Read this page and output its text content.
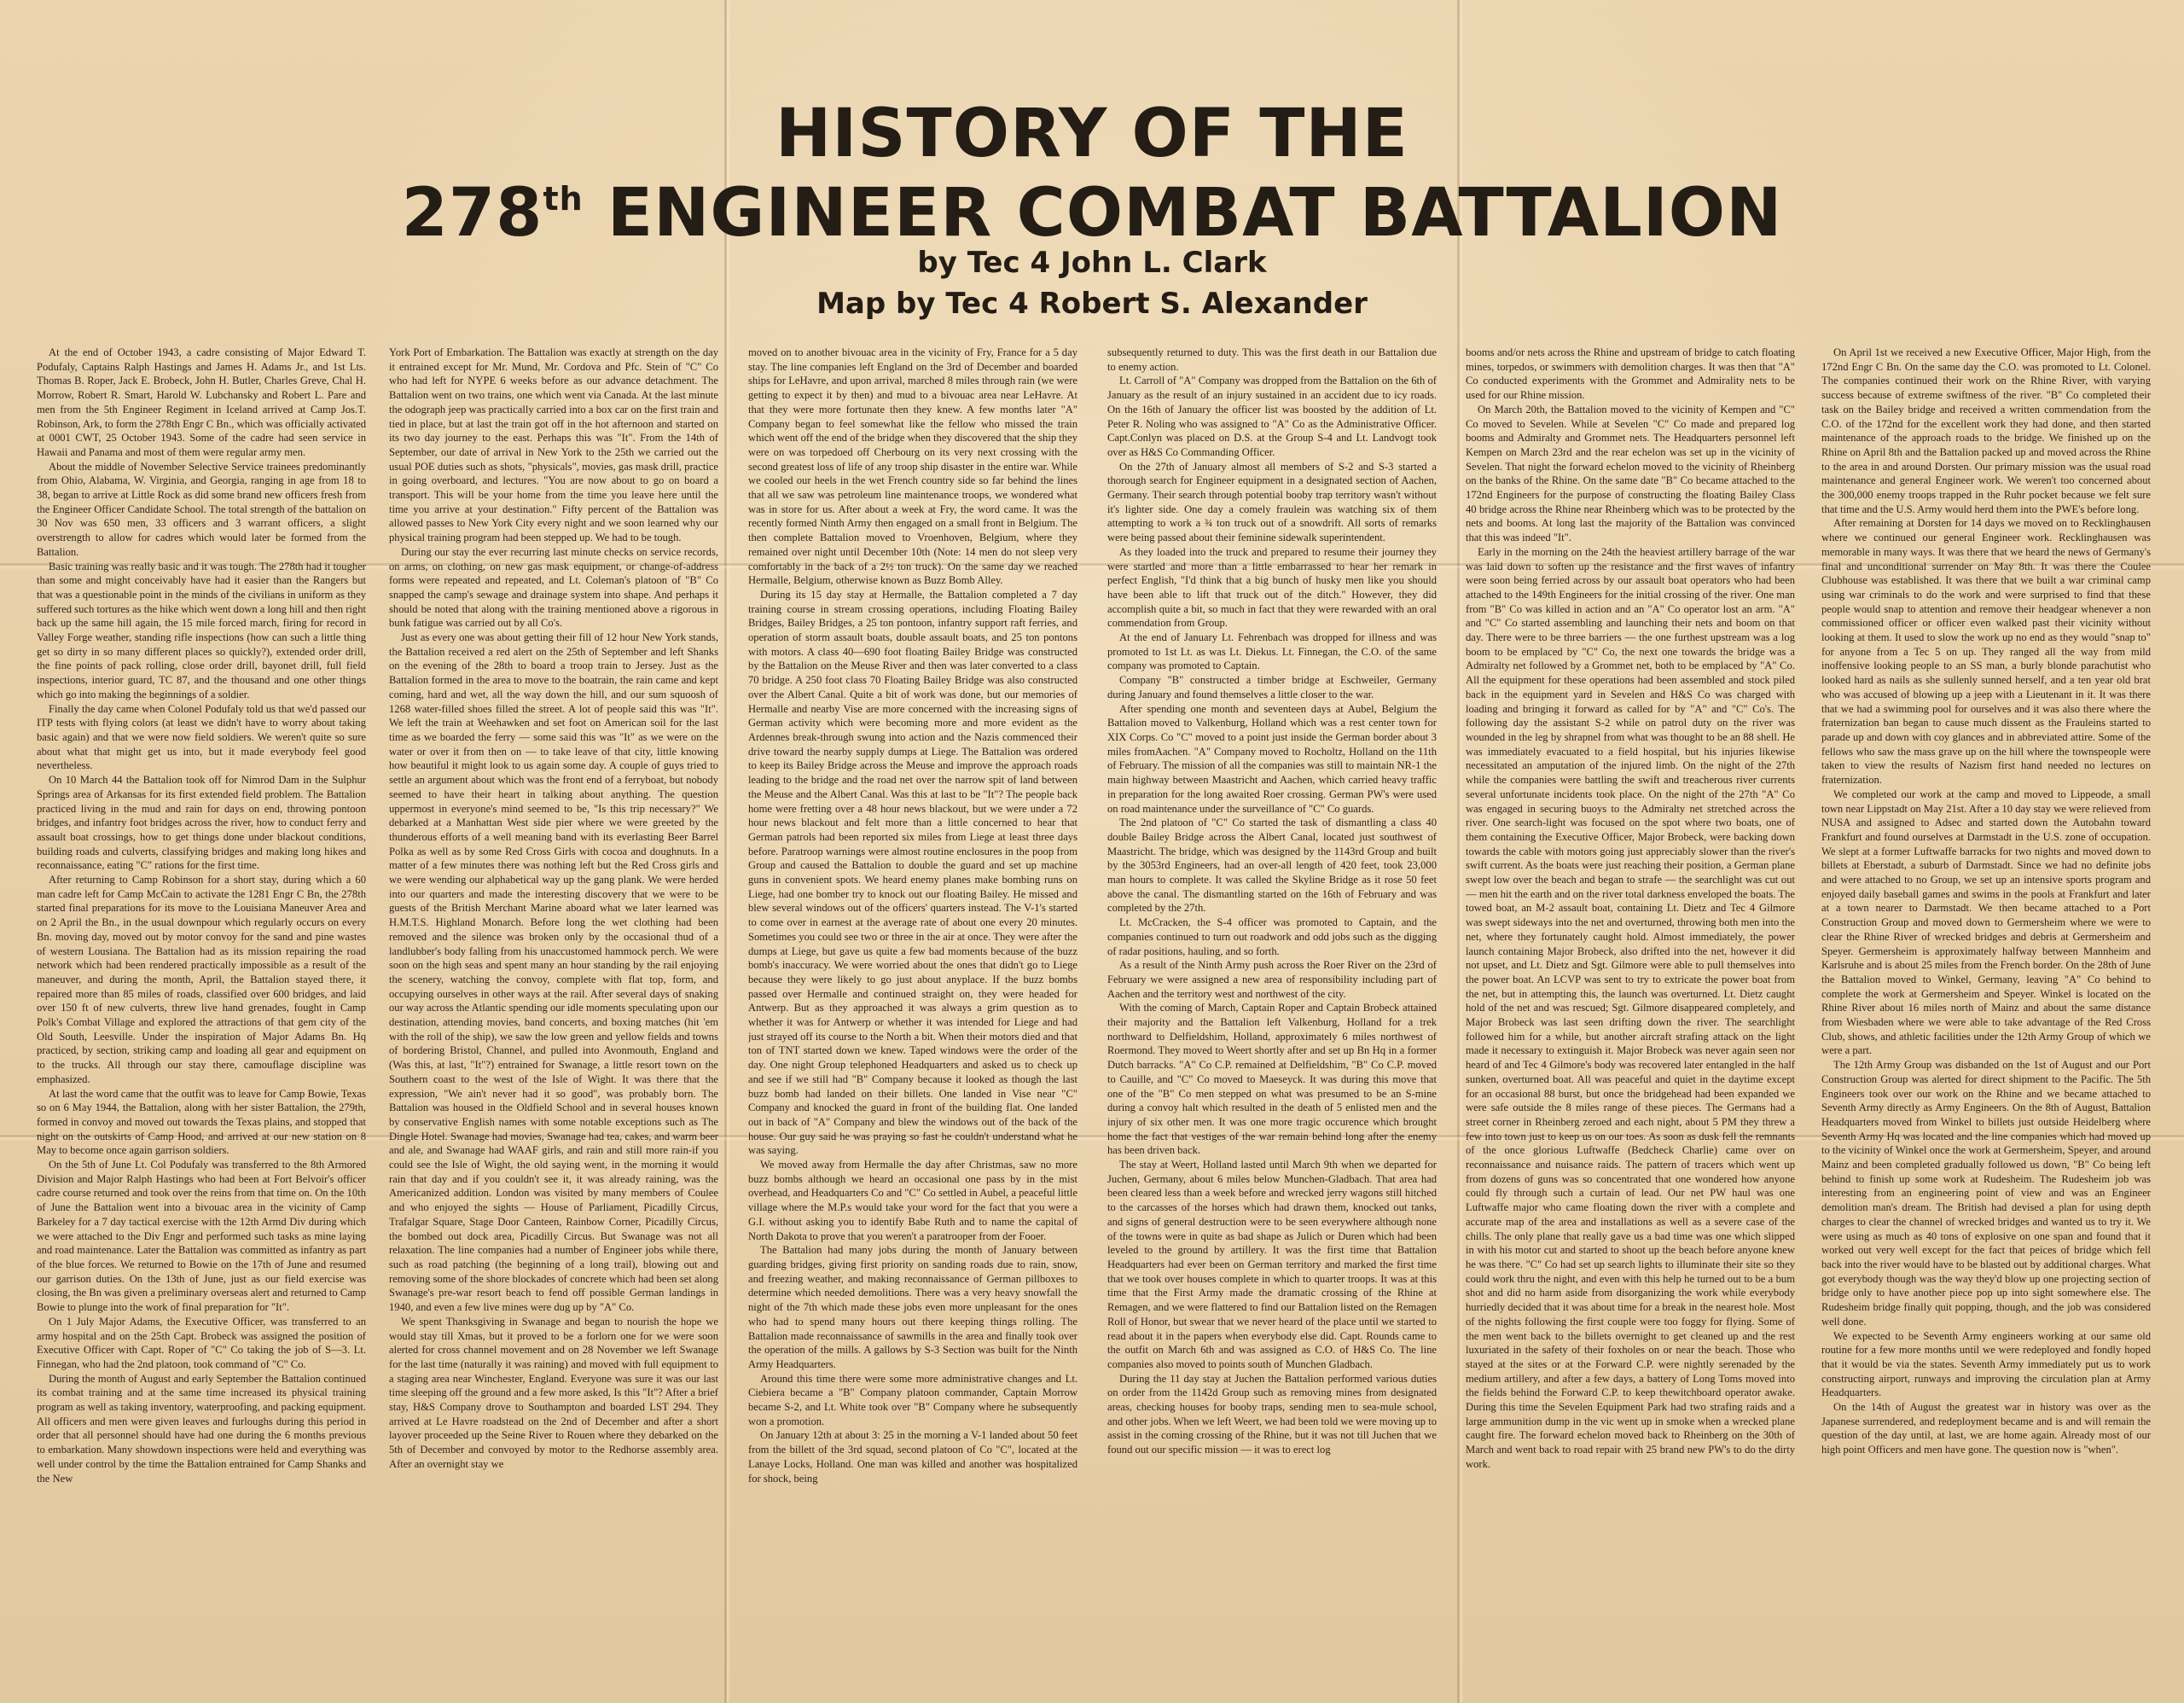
HISTORY OF THE
278th ENGINEER COMBAT BATTALION

by Tec 4 John L. Clark

Map by Tec 4 Robert S. Alexander

At the end of October 1943, a cadre consisting of Major Edward T. Podufaly, Captains Ralph Hastings and James H. Adams Jr., and 1st Lts. Thomas B. Roper, Jack E. Brobeck, John H. Butler, Charles Greve, Chal H. Morrow, Robert R. Smart, Harold W. Lubchansky and Robert L. Pare and men from the 5th Engineer Regiment in Iceland arrived at Camp Jos.T. Robinson, Ark, to form the 278th Engr C Bn., which was officially activated at 0001 CWT, 25 October 1943. Some of the cadre had seen service in Hawaii and Panama and most of them were regular army men.

About the middle of November Selective Service trainees predominantly from Ohio, Alabama, W. Virginia, and Georgia, ranging in age from 18 to 38, began to arrive at Little Rock as did some brand new officers fresh from the Engineer Officer Candidate School. The total strength of the battalion on 30 Nov was 650 men, 33 officers and 3 warrant officers, a slight overstrength to allow for cadres which would later be formed from the Battalion.

Basic training was really basic and it was tough. The 278th had it tougher than some and might conceivably have had it easier than the Rangers but that was a questionable point in the minds of the civilians in uniform as they suffered such tortures as the hike which went down a long hill and then right back up the same hill again, the 15 mile forced march, firing for record in Valley Forge weather, standing rifle inspections (how can such a little thing get so dirty in so many different places so quickly?), extended order drill, the fine points of pack rolling, close order drill, bayonet drill, full field inspections, interior guard, TC 87, and the thousand and one other things which go into making the beginnings of a soldier.

Finally the day came when Colonel Podufaly told us that we'd passed our ITP tests with flying colors (at least we didn't have to worry about taking basic again) and that we were now field soldiers. We weren't quite so sure about what that might get us into, but it made everybody feel good nevertheless.

On 10 March 44 the Battalion took off for Nimrod Dam in the Sulphur Springs area of Arkansas for its first extended field problem. The Battalion practiced living in the mud and rain for days on end, throwing pontoon bridges, and infantry foot bridges across the river, how to conduct ferry and assault boat crossings, how to get things done under blackout conditions, building roads and culverts, classifying bridges and making long hikes and reconnaissance, eating "C" rations for the first time.

After returning to Camp Robinson for a short stay, during which a 60 man cadre left for Camp McCain to activate the 1281 Engr C Bn, the 278th started final preparations for its move to the Louisiana Maneuver Area and on 2 April the Bn., in the usual downpour which regularly occurs on every Bn. moving day, moved out by motor convoy for the sand and pine wastes of western Lousiana. The Battalion had as its mission repairing the road network which had been rendered practically impossible as a result of the maneuver, and during the month, April, the Battalion stayed there, it repaired more than 85 miles of roads, classified over 600 bridges, and laid over 150 ft of new culverts, threw live hand grenades, fought in Camp Polk's Combat Village and explored the attractions of that gem city of the Old South, Leesville. Under the inspiration of Major Adams Bn. Hq practiced, by section, striking camp and loading all gear and equipment on to the trucks. All through our stay there, camouflage discipline was emphasized.

At last the word came that the outfit was to leave for Camp Bowie, Texas so on 6 May 1944, the Battalion, along with her sister Battalion, the 279th, formed in convoy and moved out towards the Texas plains, and stopped that night on the outskirts of Camp Hood, and arrived at our new station on 8 May to become once again garrison soldiers.

On the 5th of June Lt. Col Podufaly was transferred to the 8th Armored Division and Major Ralph Hastings who had been at Fort Belvoir's officer cadre course returned and took over the reins from that time on. On the 10th of June the Battalion went into a bivouac area in the vicinity of Camp Barkeley for a 7 day tactical exercise with the 12th Armd Div during which we were attached to the Div Engr and performed such tasks as mine laying and road maintenance. Later the Battalion was committed as infantry as part of the blue forces. We returned to Bowie on the 17th of June and resumed our garrison duties. On the 13th of June, just as our field exercise was closing, the Bn was given a preliminary overseas alert and returned to Camp Bowie to plunge into the work of final preparation for "It".

On 1 July Major Adams, the Executive Officer, was transferred to an army hospital and on the 25th Capt. Brobeck was assigned the position of Executive Officer with Capt. Roper of "C" Co taking the job of S—3. Lt. Finnegan, who had the 2nd platoon, took command of "C" Co.

During the month of August and early September the Battalion continued its combat training and at the same time increased its physical training program as well as taking inventory, waterproofing, and packing equipment. All officers and men were given leaves and furloughs during this period in order that all personnel should have had one during the 6 months previous to embarkation. Many showdown inspections were held and everything was well under control by the time the Battalion entrained for Camp Shanks and the New

York Port of Embarkation. The Battalion was exactly at strength on the day it entrained except for Mr. Mund, Mr. Cordova and Pfc. Stein of "C" Co who had left for NYPE 6 weeks before as our advance detachment. The Battalion went on two trains, one which went via Canada. At the last minute the odograph jeep was practically carried into a box car on the first train and tied in place, but at last the train got off in the hot afternoon and started on its two day journey to the east. Perhaps this was "It". From the 14th of September, our date of arrival in New York to the 25th we carried out the usual POE duties such as shots, "physicals", movies, gas mask drill, practice in going overboard, and lectures. "You are now about to go on board a transport. This will be your home from the time you leave here until the time you arrive at your destination." Fifty percent of the Battalion was allowed passes to New York City every night and we soon learned why our physical training program had been stepped up. We had to be tough.

During our stay the ever recurring last minute checks on service records, on arms, on clothing, on new gas mask equipment, or change-of-address forms were repeated and repeated, and Lt. Coleman's platoon of "B" Co snapped the camp's sewage and drainage system into shape. And perhaps it should be noted that along with the training mentioned above a rigorous in bunk fatigue was carried out by all Co's.

Just as every one was about getting their fill of 12 hour New York stands, the Battalion received a red alert on the 25th of September and left Shanks on the evening of the 28th to board a troop train to Jersey. Just as the Battalion formed in the area to move to the boatrain, the rain came and kept coming, hard and wet, all the way down the hill, and our sum squoosh of 1268 water-filled shoes filled the street. A lot of people said this was "It". We left the train at Weehawken and set foot on American soil for the last time as we boarded the ferry — some said this was "It" as we were on the water or over it from then on — to take leave of that city, little knowing how beautiful it might look to us again some day. A couple of guys tried to settle an argument about which was the front end of a ferryboat, but nobody seemed to have their heart in talking about anything. The question uppermost in everyone's mind seemed to be, "Is this trip necessary?" We debarked at a Manhattan West side pier where we were greeted by the thunderous efforts of a well meaning band with its everlasting Beer Barrel Polka as well as by some Red Cross Girls with cocoa and doughnuts. In a matter of a few minutes there was nothing left but the Red Cross girls and we were wending our alphabetical way up the gang plank. We were herded into our quarters and made the interesting discovery that we were to be guests of the British Merchant Marine aboard what we later learned was H.M.T.S. Highland Monarch. Before long the wet clothing had been removed and the silence was broken only by the occasional thud of a landlubber's body falling from his unaccustomed hammock perch. We were soon on the high seas and spent many an hour standing by the rail enjoying the scenery, watching the convoy, complete with flat top, form, and occupying ourselves in other ways at the rail. After several days of snaking our way across the Atlantic spending our idle moments speculating upon our destination, attending movies, band concerts, and boxing matches (hit 'em with the roll of the ship), we saw the low green and yellow fields and towns of bordering Bristol, Channel, and pulled into Avonmouth, England and (Was this, at last, "It"?) entrained for Swanage, a little resort town on the Southern coast to the west of the Isle of Wight. It was there that the expression, "We ain't never had it so good", was probably born. The Battalion was housed in the Oldfield School and in several houses known by conservative English names with some notable exceptions such as The Dingle Hotel. Swanage had movies, Swanage had tea, cakes, and warm beer and ale, and Swanage had WAAF girls, and rain and still more rain-if you could see the Isle of Wight, the old saying went, in the morning it would rain that day and if you couldn't see it, it was already raining, was the Americanized addition. London was visited by many members of Coulee and who enjoyed the sights — House of Parliament, Picadilly Circus, Trafalgar Square, Stage Door Canteen, Rainbow Corner, Picadilly Circus, the bombed out dock area, Picadilly Circus. But Swanage was not all relaxation. The line companies had a number of Engineer jobs while there, such as road patching (the beginning of a long trail), blowing out and removing some of the shore blockades of concrete which had been set along Swanage's pre-war resort beach to fend off possible German landings in 1940, and even a few live mines were dug up by "A" Co.

We spent Thanksgiving in Swanage and began to nourish the hope we would stay till Xmas, but it proved to be a forlorn one for we were soon alerted for cross channel movement and on 28 November we left Swanage for the last time (naturally it was raining) and moved with full equipment to a staging area near Winchester, England. Everyone was sure it was our last time sleeping off the ground and a few more asked, Is this "It"? After a brief stay, H&S Company drove to Southampton and boarded LST 294. They arrived at Le Havre roadstead on the 2nd of December and after a short layover proceeded up the Seine River to Rouen where they debarked on the 5th of December and convoyed by motor to the Redhorse assembly area. After an overnight stay we

moved on to another bivouac area in the vicinity of Fry, France for a 5 day stay. The line companies left England on the 3rd of December and boarded ships for LeHavre, and upon arrival, marched 8 miles through rain (we were getting to expect it by then) and mud to a bivouac area near LeHavre. At that they were more fortunate then they knew. A few months later "A" Company began to feel somewhat like the fellow who missed the train which went off the end of the bridge when they discovered that the ship they were on was torpedoed off Cherbourg on its very next crossing with the second greatest loss of life of any troop ship disaster in the entire war. While we cooled our heels in the wet French country side so far behind the lines that all we saw was petroleum line maintenance troops, we wondered what was in store for us. After about a week at Fry, the word came. It was the recently formed Ninth Army then engaged on a small front in Belgium. The then complete Battalion moved to Vroenhoven, Belgium, where they remained over night until December 10th (Note: 14 men do not sleep very comfortably in the back of a 2½ ton truck). On the same day we reached Hermalle, Belgium, otherwise known as Buzz Bomb Alley.

During its 15 day stay at Hermalle, the Battalion completed a 7 day training course in stream crossing operations, including Floating Bailey Bridges, Bailey Bridges, a 25 ton pontoon, infantry support raft ferries, and operation of storm assault boats, double assault boats, and 25 ton pontons with motors. A class 40—690 foot floating Bailey Bridge was constructed by the Battalion on the Meuse River and then was later converted to a class 70 bridge. A 250 foot class 70 Floating Bailey Bridge was also constructed over the Albert Canal. Quite a bit of work was done, but our memories of Hermalle and nearby Vise are more concerned with the increasing signs of German activity which were becoming more and more evident as the Ardennes break-through swung into action and the Nazis commenced their drive toward the nearby supply dumps at Liege. The Battalion was ordered to keep its Bailey Bridge across the Meuse and improve the approach roads leading to the bridge and the road net over the narrow spit of land between the Meuse and the Albert Canal. Was this at last to be "It"? The people back home were fretting over a 48 hour news blackout, but we were under a 72 hour news blackout and felt more than a little concerned to hear that German patrols had been reported six miles from Liege at least three days before. Paratroop warnings were almost routine enclosures in the poop from Group and caused the Battalion to double the guard and set up machine guns in convenient spots. We heard enemy planes make bombing runs on Liege, had one bomber try to knock out our floating Bailey. He missed and blew several windows out of the officers' quarters instead. The V-1's started to come over in earnest at the average rate of about one every 20 minutes. Sometimes you could see two or three in the air at once. They were after the dumps at Liege, but gave us quite a few bad moments because of the buzz bomb's inaccuracy. We were worried about the ones that didn't go to Liege because they were likely to go just about anyplace. If the buzz bombs passed over Hermalle and continued straight on, they were headed for Antwerp. But as they approached it was always a grim question as to whether it was for Antwerp or whether it was intended for Liege and had just strayed off its course to the North a bit. When their motors died and that ton of TNT started down we knew. Taped windows were the order of the day. One night Group telephoned Headquarters and asked us to check up and see if we still had "B" Company because it looked as though the last buzz bomb had landed on their billets. One landed in Vise near "C" Company and knocked the guard in front of the building flat. One landed out in back of "A" Company and blew the windows out of the back of the house. Our guy said he was praying so fast he couldn't understand what he was saying.

We moved away from Hermalle the day after Christmas, saw no more buzz bombs although we heard an occasional one pass by in the mist overhead, and Headquarters Co and "C" Co settled in Aubel, a peaceful little village where the M.P.s would take your word for the fact that you were a G.I. without asking you to identify Babe Ruth and to name the capital of North Dakota to prove that you weren't a paratrooper from der Fooer.

The Battalion had many jobs during the month of January between guarding bridges, giving first priority on sanding roads due to rain, snow, and freezing weather, and making reconnaissance of German pillboxes to determine which needed demolitions. There was a very heavy snowfall the night of the 7th which made these jobs even more unpleasant for the ones who had to spend many hours out there keeping things rolling. The Battalion made reconnaissance of sawmills in the area and finally took over the operation of the mills. A gallows by S-3 Section was built for the Ninth Army Headquarters.

Around this time there were some more administrative changes and Lt. Ciebiera became a "B" Company platoon commander, Captain Morrow became S-2, and Lt. White took over "B" Company where he subsequently won a promotion.

On January 12th at about 3: 25 in the morning a V-1 landed about 50 feet from the billett of the 3rd squad, second platoon of Co "C", located at the Lanaye Locks, Holland. One man was killed and another was hospitalized for shock, being

subsequently returned to duty. This was the first death in our Battalion due to enemy action.

Lt. Carroll of "A" Company was dropped from the Battalion on the 6th of January as the result of an injury sustained in an accident due to icy roads. On the 16th of January the officer list was boosted by the addition of Lt. Peter R. Noling who was assigned to "A" Co as the Administrative Officer. Capt.Conlyn was placed on D.S. at the Group S-4 and Lt. Landvogt took over as H&S Co Commanding Officer.

On the 27th of January almost all members of S-2 and S-3 started a thorough search for Engineer equipment in a designated section of Aachen, Germany. Their search through potential booby trap territory wasn't without it's lighter side. One day a comely fraulein was watching six of them attempting to work a ¾ ton truck out of a snowdrift. All sorts of remarks were being passed about their feminine sidewalk superintendent.

As they loaded into the truck and prepared to resume their journey they were startled and more than a little embarrassed to hear her remark in perfect English, "I'd think that a big bunch of husky men like you should have been able to lift that truck out of the ditch." However, they did accomplish quite a bit, so much in fact that they were rewarded with an oral commendation from Group.

At the end of January Lt. Fehrenbach was dropped for illness and was promoted to 1st Lt. as was Lt. Diekus. Lt. Finnegan, the C.O. of the same company was promoted to Captain.

Company "B" constructed a timber bridge at Eschweiler, Germany during January and found themselves a little closer to the war.

After spending one month and seventeen days at Aubel, Belgium the Battalion moved to Valkenburg, Holland which was a rest center town for XIX Corps. Co "C" moved to a point just inside the German border about 3 miles fromAachen. "A" Company moved to Rocholtz, Holland on the 11th of February. The mission of all the companies was still to maintain NR-1 the main highway between Maastricht and Aachen, which carried heavy traffic in preparation for the long awaited Roer crossing. German PW's were used on road maintenance under the surveillance of "C" Co guards.

The 2nd platoon of "C" Co started the task of dismantling a class 40 double Bailey Bridge across the Albert Canal, located just southwest of Maastricht. The bridge, which was designed by the 1143rd Group and built by the 3053rd Engineers, had an over-all length of 420 feet, took 23,000 man hours to complete. It was called the Skyline Bridge as it rose 50 feet above the canal. The dismantling started on the 16th of February and was completed by the 27th.

Lt. McCracken, the S-4 officer was promoted to Captain, and the companies continued to turn out roadwork and odd jobs such as the digging of radar positions, hauling, and so forth.

As a result of the Ninth Army push across the Roer River on the 23rd of February we were assigned a new area of responsibility including part of Aachen and the territory west and northwest of the city.

With the coming of March, Captain Roper and Captain Brobeck attained their majority and the Battalion left Valkenburg, Holland for a trek northward to Delfieldshim, Holland, approximately 6 miles northwest of Roermond. They moved to Weert shortly after and set up Bn Hq in a former Dutch barracks. "A" Co C.P. remained at Delfieldshim, "B" Co C.P. moved to Cauille, and "C" Co moved to Maeseyck. It was during this move that one of the "B" Co men stepped on what was presumed to be an S-mine during a convoy halt which resulted in the death of 5 enlisted men and the injury of six other men. It was one more tragic occurence which brought home the fact that vestiges of the war remain behind long after the enemy has been driven back.

The stay at Weert, Holland lasted until March 9th when we departed for Juchen, Germany, about 6 miles below Munchen-Gladbach. That area had been cleared less than a week before and wrecked jerry wagons still hitched to the carcasses of the horses which had drawn them, knocked out tanks, and signs of general destruction were to be seen everywhere although none of the towns were in quite as bad shape as Julich or Duren which had been leveled to the ground by artillery. It was the first time that Battalion Headquarters had ever been on German territory and marked the first time that we took over houses complete in which to quarter troops. It was at this time that the First Army made the dramatic crossing of the Rhine at Remagen, and we were flattered to find our Battalion listed on the Remagen Roll of Honor, but swear that we never heard of the place until we started to read about it in the papers when everybody else did. Capt. Rounds came to the outfit on March 6th and was assigned as C.O. of H&S Co. The line companies also moved to points south of Munchen Gladbach.

During the 11 day stay at Juchen the Battalion performed various duties on order from the 1142d Group such as removing mines from designated areas, checking houses for booby traps, sending men to sea-mule school, and other jobs. When we left Weert, we had been told we were moving up to assist in the coming crossing of the Rhine, but it was not till Juchen that we found out our specific mission — it was to erect log

booms and/or nets across the Rhine and upstream of bridge to catch floating mines, torpedos, or swimmers with demolition charges. It was then that "A" Co conducted experiments with the Grommet and Admirality nets to be used for our Rhine mission.

On March 20th, the Battalion moved to the vicinity of Kempen and "C" Co moved to Sevelen. While at Sevelen "C" Co made and prepared log booms and Admiralty and Grommet nets. The Headquarters personnel left Kempen on March 23rd and the rear echelon was set up in the vicinity of Sevelen. That night the forward echelon moved to the vicinity of Rheinberg on the banks of the Rhine. On the same date "B" Co became attached to the 172nd Engineers for the purpose of constructing the floating Bailey Class 40 bridge across the Rhine near Rheinberg which was to be protected by the nets and booms. At long last the majority of the Battalion was convinced that this was indeed "It".

Early in the morning on the 24th the heaviest artillery barrage of the war was laid down to soften up the resistance and the first waves of infantry were soon being ferried across by our assault boat operators who had been attached to the 149th Engineers for the initial crossing of the river. One man from "B" Co was killed in action and an "A" Co operator lost an arm. "A" and "C" Co started assembling and launching their nets and boom on that day. There were to be three barriers — the one furthest upstream was a log boom to be emplaced by "C" Co, the next one towards the bridge was a Admiralty net followed by a Grommet net, both to be emplaced by "A" Co. All the equipment for these operations had been assembled and stock piled back in the equipment yard in Sevelen and H&S Co was charged with loading and bringing it forward as called for by "A" and "C" Co's. The following day the assistant S-2 while on patrol duty on the river was wounded in the leg by shrapnel from what was thought to be an 88 shell. He was immediately evacuated to a field hospital, but his injuries likewise necessitated an amputation of the injured limb. On the night of the 27th while the companies were battling the swift and treacherous river currents several unfortunate incidents took place. On the night of the 27th "A" Co was engaged in securing buoys to the Admiralty net stretched across the river. One search-light was focused on the spot where two boats, one of them containing the Executive Officer, Major Brobeck, were backing down towards the cable with motors going just appreciably slower than the river's swift current. As the boats were just reaching their position, a German plane swept low over the beach and began to strafe — the searchlight was cut out — men hit the earth and on the river total darkness enveloped the boats. The towed boat, an M-2 assault boat, containing Lt. Dietz and Tec 4 Gilmore was swept sideways into the net and overturned, throwing both men into the net, where they fortunately caught hold. Almost immediately, the power launch containing Major Brobeck, also drifted into the net, however it did not upset, and Lt. Dietz and Sgt. Gilmore were able to pull themselves into the power boat. An LCVP was sent to try to extricate the power boat from the net, but in attempting this, the launch was overturned. Lt. Dietz caught hold of the net and was rescued; Sgt. Gilmore disappeared completely, and Major Brobeck was last seen drifting down the river. The searchlight followed him for a while, but another aircraft strafing attack on the light made it necessary to extinguish it. Major Brobeck was never again seen nor heard of and Tec 4 Gilmore's body was recovered later entangled in the half sunken, overturned boat. All was peaceful and quiet in the daytime except for an occasional 88 burst, but once the bridgehead had been expanded we were safe outside the 8 miles range of these pieces. The Germans had a street corner in Rheinberg zeroed and each night, about 5 PM they threw a few into town just to keep us on our toes. As soon as dusk fell the remnants of the once glorious Luftwaffe (Bedcheck Charlie) came over on reconnaissance and nuisance raids. The pattern of tracers which went up from dozens of guns was so concentrated that one wondered how anyone could fly through such a curtain of lead. Our net PW haul was one Luftwaffe major who came floating down the river with a complete and accurate map of the area and installations as well as a severe case of the chills. The only plane that really gave us a bad time was one which slipped in with his motor cut and started to shoot up the beach before anyone knew he was there. "C" Co had set up search lights to illuminate their site so they could work thru the night, and even with this help he turned out to be a bum shot and did no harm aside from disorganizing the work while everybody hurriedly decided that it was about time for a break in the nearest hole. Most of the nights following the first couple were too foggy for flying. Some of the men went back to the billets overnight to get cleaned up and the rest luxuriated in the safety of their foxholes on or near the beach. Those who stayed at the sites or at the Forward C.P. were nightly serenaded by the medium artillery, and after a few days, a battery of Long Toms moved into the fields behind the Forward C.P. to keep thewitchboard operator awake. During this time the Sevelen Equipment Park had two strafing raids and a large ammunition dump in the vic went up in smoke when a wrecked plane caught fire. The forward echelon moved back to Rheinberg on the 30th of March and went back to road repair with 25 brand new PW's to do the dirty work.

On April 1st we received a new Executive Officer, Major High, from the 172nd Engr C Bn. On the same day the C.O. was promoted to Lt. Colonel. The companies continued their work on the Rhine River, with varying success because of extreme swiftness of the river. "B" Co completed their task on the Bailey bridge and received a written commendation from the C.O. of the 172nd for the excellent work they had done, and then started maintenance of the approach roads to the bridge. We finished up on the Rhine on April 8th and the Battalion packed up and moved across the Rhine to the area in and around Dorsten. Our primary mission was the usual road maintenance and general Engineer work. We weren't too concerned about the 300,000 enemy troops trapped in the Ruhr pocket because we felt sure that time and the U.S. Army would herd them into the PWE's before long.

After remaining at Dorsten for 14 days we moved on to Recklinghausen where we continued our general Engineer work. Recklinghausen was memorable in many ways. It was there that we heard the news of Germany's final and unconditional surrender on May 8th. It was there the Coulee Clubhouse was established. It was there that we built a war criminal camp using war criminals to do the work and were surprised to find that these people would snap to attention and remove their headgear whenever a non commissioned officer or officer even walked past their vicinity without looking at them. It used to slow the work up no end as they would "snap to" for anyone from a Tec 5 on up. They ranged all the way from mild inoffensive looking people to an SS man, a burly blonde parachutist who looked hard as nails as she sullenly sunned herself, and a ten year old brat who was accused of blowing up a jeep with a Lieutenant in it. It was there that we had a swimming pool for ourselves and it was also there where the fraternization ban began to cause much dissent as the Frauleins started to parade up and down with coy glances and in abbreviated attire. Some of the fellows who saw the mass grave up on the hill where the townspeople were taken to view the results of Nazism first hand needed no lectures on fraternization.

We completed our work at the camp and moved to Lippeode, a small town near Lippstadt on May 21st. After a 10 day stay we were relieved from NUSA and assigned to Adsec and started down the Autobahn toward Frankfurt and found ourselves at Darmstadt in the U.S. zone of occupation. We slept at a former Luftwaffe barracks for two nights and moved down to billets at Eberstadt, a suburb of Darmstadt. Since we had no definite jobs and were attached to no Group, we set up an intensive sports program and enjoyed daily baseball games and swims in the pools at Frankfurt and later at a town nearer to Darmstadt. We then became attached to a Port Construction Group and moved down to Germersheim where we were to clear the Rhine River of wrecked bridges and debris at Germersheim and Speyer. Germersheim is approximately halfway between Mannheim and Karlsruhe and is about 25 miles from the French border. On the 28th of June the Battalion moved to Winkel, Germany, leaving "A" Co behind to complete the work at Germersheim and Speyer. Winkel is located on the Rhine River about 16 miles north of Mainz and about the same distance from Wiesbaden where we were able to take advantage of the Red Cross Club, shows, and athletic facilities under the 12th Army Group of which we were a part.

The 12th Army Group was disbanded on the 1st of August and our Port Construction Group was alerted for direct shipment to the Pacific. The 5th Engineers took over our work on the Rhine and we became attached to Seventh Army directly as Army Engineers. On the 8th of August, Battalion Headquarters moved from Winkel to billets just outside Heidelberg where Seventh Army Hq was located and the line companies which had moved up to the vicinity of Winkel once the work at Germersheim, Speyer, and around Mainz and been completed gradually followed us down, "B" Co being left behind to finish up some work at Rudesheim. The Rudesheim job was interesting from an engineering point of view and was an Engineer demolition man's dream. The British had devised a plan for using depth charges to clear the channel of wrecked bridges and wanted us to try it. We were using as much as 40 tons of explosive on one span and found that it worked out very well except for the fact that peices of bridge which fell back into the river would have to be blasted out by additional charges. What got everybody though was the way they'd blow up one projecting section of bridge only to have another piece pop up into sight somewhere else. The Rudesheim bridge finally quit popping, though, and the job was considered well done.

We expected to be Seventh Army engineers working at our same old routine for a few more months until we were redeployed and fondly hoped that it would be via the states. Seventh Army immediately put us to work constructing airport, runways and improving the circulation plan at Army Headquarters.

On the 14th of August the greatest war in history was over as the Japanese surrendered, and redeployment became and is and will remain the question of the day until, at last, we are home again. Already most of our high point Officers and men have gone. The question now is "when".
